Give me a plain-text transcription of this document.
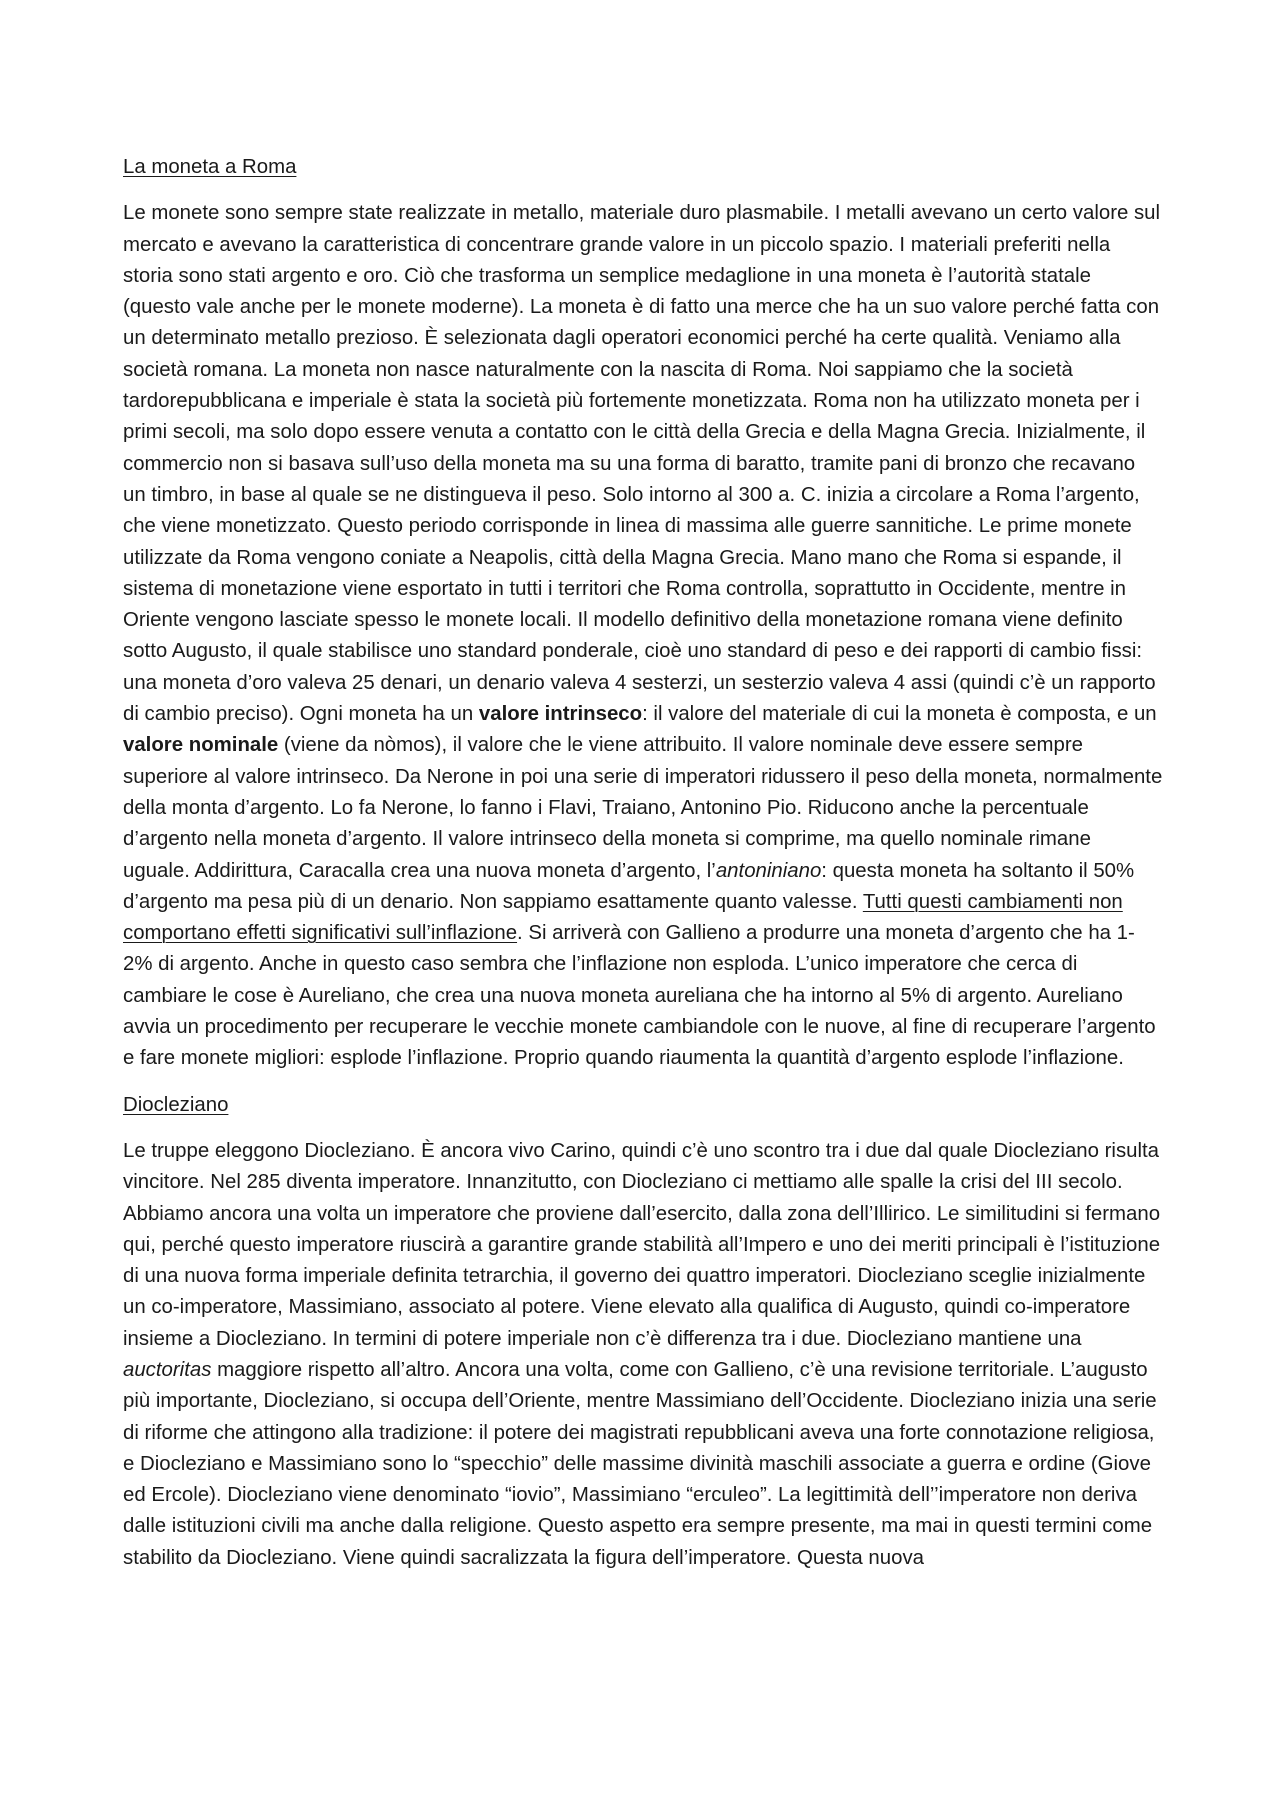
La moneta a Roma

Le monete sono sempre state realizzate in metallo, materiale duro plasmabile. I metalli avevano un certo valore sul mercato e avevano la caratteristica di concentrare grande valore in un piccolo spazio. I materiali preferiti nella storia sono stati argento e oro. Ciò che trasforma un semplice medaglione in una moneta è l’autorità statale (questo vale anche per le monete moderne). La moneta è di fatto una merce che ha un suo valore perché fatta con un determinato metallo prezioso. È selezionata dagli operatori economici perché ha certe qualità. Veniamo alla società romana. La moneta non nasce naturalmente con la nascita di Roma. Noi sappiamo che la società tardorepubblicana e imperiale è stata la società più fortemente monetizzata. Roma non ha utilizzato moneta per i primi secoli, ma solo dopo essere venuta a contatto con le città della Grecia e della Magna Grecia. Inizialmente, il commercio non si basava sull’uso della moneta ma su una forma di baratto, tramite pani di bronzo che recavano un timbro, in base al quale se ne distingueva il peso. Solo intorno al 300 a. C. inizia a circolare a Roma l’argento, che viene monetizzato. Questo periodo corrisponde in linea di massima alle guerre sannitiche. Le prime monete utilizzate da Roma vengono coniate a Neapolis, città della Magna Grecia. Mano mano che Roma si espande, il sistema di monetazione viene esportato in tutti i territori che Roma controlla, soprattutto in Occidente, mentre in Oriente vengono lasciate spesso le monete locali. Il modello definitivo della monetazione romana viene definito sotto Augusto, il quale stabilisce uno standard ponderale, cioè uno standard di peso e dei rapporti di cambio fissi: una moneta d’oro valeva 25 denari, un denario valeva 4 sesterzi, un sesterzio valeva 4 assi (quindi c’è un rapporto di cambio preciso). Ogni moneta ha un valore intrinseco: il valore del materiale di cui la moneta è composta, e un valore nominale (viene da nòmos), il valore che le viene attribuito. Il valore nominale deve essere sempre superiore al valore intrinseco. Da Nerone in poi una serie di imperatori ridussero il peso della moneta, normalmente della monta d’argento. Lo fa Nerone, lo fanno i Flavi, Traiano, Antonino Pio. Riducono anche la percentuale d’argento nella moneta d’argento. Il valore intrinseco della moneta si comprime, ma quello nominale rimane uguale. Addirittura, Caracalla crea una nuova moneta d’argento, l’antoniniano: questa moneta ha soltanto il 50% d’argento ma pesa più di un denario. Non sappiamo esattamente quanto valesse. Tutti questi cambiamenti non comportano effetti significativi sull’inflazione. Si arriverà con Gallieno a produrre una moneta d’argento che ha 1-2% di argento. Anche in questo caso sembra che l’inflazione non esploda. L’unico imperatore che cerca di cambiare le cose è Aureliano, che crea una nuova moneta aureliana che ha intorno al 5% di argento. Aureliano avvia un procedimento per recuperare le vecchie monete cambiandole con le nuove, al fine di recuperare l’argento e fare monete migliori: esplode l’inflazione. Proprio quando riaumenta la quantità d’argento esplode l’inflazione.

Diocleziano

Le truppe eleggono Diocleziano. È ancora vivo Carino, quindi c’è uno scontro tra i due dal quale Diocleziano risulta vincitore. Nel 285 diventa imperatore. Innanzitutto, con Diocleziano ci mettiamo alle spalle la crisi del III secolo. Abbiamo ancora una volta un imperatore che proviene dall’esercito, dalla zona dell’Illirico. Le similitudini si fermano qui, perché questo imperatore riuscirà a garantire grande stabilità all’Impero e uno dei meriti principali è l’istituzione di una nuova forma imperiale definita tetrarchia, il governo dei quattro imperatori. Diocleziano sceglie inizialmente un co-imperatore, Massimiano, associato al potere. Viene elevato alla qualifica di Augusto, quindi co-imperatore insieme a Diocleziano. In termini di potere imperiale non c’è differenza tra i due. Diocleziano mantiene una auctoritas maggiore rispetto all’altro. Ancora una volta, come con Gallieno, c’è una revisione territoriale. L’augusto più importante, Diocleziano, si occupa dell’Oriente, mentre Massimiano dell’Occidente. Diocleziano inizia una serie di riforme che attingono alla tradizione: il potere dei magistrati repubblicani aveva una forte connotazione religiosa, e Diocleziano e Massimiano sono lo “specchio” delle massime divinità maschili associate a guerra e ordine (Giove ed Ercole). Diocleziano viene denominato “iovio”, Massimiano “erculeo”. La legittimità dell’’imperatore non deriva dalle istituzioni civili ma anche dalla religione. Questo aspetto era sempre presente, ma mai in questi termini come stabilito da Diocleziano. Viene quindi sacralizzata la figura dell’imperatore. Questa nuova
